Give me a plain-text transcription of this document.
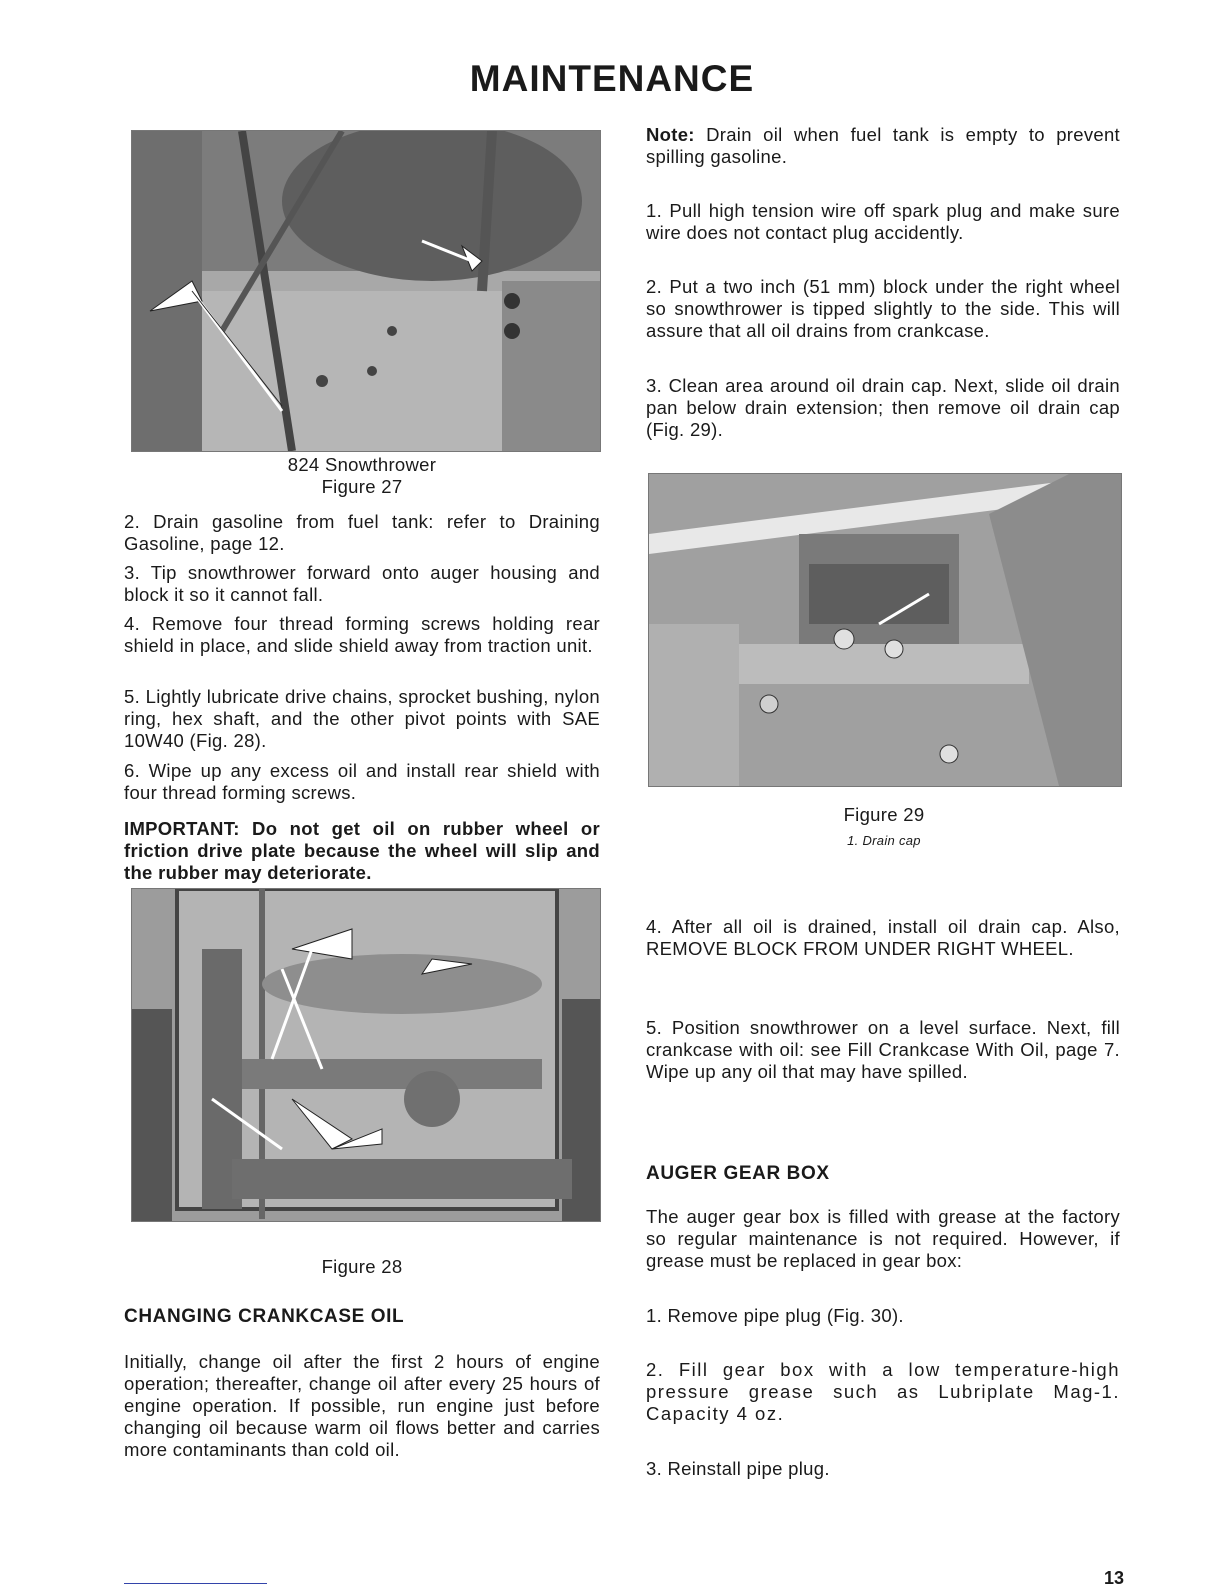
MAINTENANCE
824 Snowthrower
Figure 27
2. Drain gasoline from fuel tank: refer to Draining Gasoline, page 12.
3. Tip snowthrower forward onto auger housing and block it so it cannot fall.
4. Remove four thread forming screws holding rear shield in place, and slide shield away from traction unit.
5. Lightly lubricate drive chains, sprocket bushing, nylon ring, hex shaft, and the other pivot points with SAE 10W40 (Fig. 28).
6. Wipe up any excess oil and install rear shield with four thread forming screws.
IMPORTANT: Do not get oil on rubber wheel or friction drive plate because the wheel will slip and the rubber may deteriorate.
Figure 28
CHANGING CRANKCASE OIL
Initially, change oil after the first 2 hours of engine operation; thereafter, change oil after every 25 hours of engine operation. If possible, run engine just before changing oil because warm oil flows better and carries more contaminants than cold oil.
Note: Drain oil when fuel tank is empty to prevent spilling gasoline.
1. Pull high tension wire off spark plug and make sure wire does not contact plug accidently.
2. Put a two inch (51 mm) block under the right wheel so snowthrower is tipped slightly to the side. This will assure that all oil drains from crankcase.
3. Clean area around oil drain cap. Next, slide oil drain pan below drain extension; then remove oil drain cap (Fig. 29).
Figure 29
1. Drain cap
4. After all oil is drained, install oil drain cap. Also, REMOVE BLOCK FROM UNDER RIGHT WHEEL.
5. Position snowthrower on a level surface. Next, fill crankcase with oil: see Fill Crankcase With Oil, page 7. Wipe up any oil that may have spilled.
AUGER GEAR BOX
The auger gear box is filled with grease at the factory so regular maintenance is not required. However, if grease must be replaced in gear box:
1. Remove pipe plug (Fig. 30).
2. Fill gear box with a low temperature-high pressure grease such as Lubriplate Mag-1. Capacity 4 oz.
3. Reinstall pipe plug.
13
